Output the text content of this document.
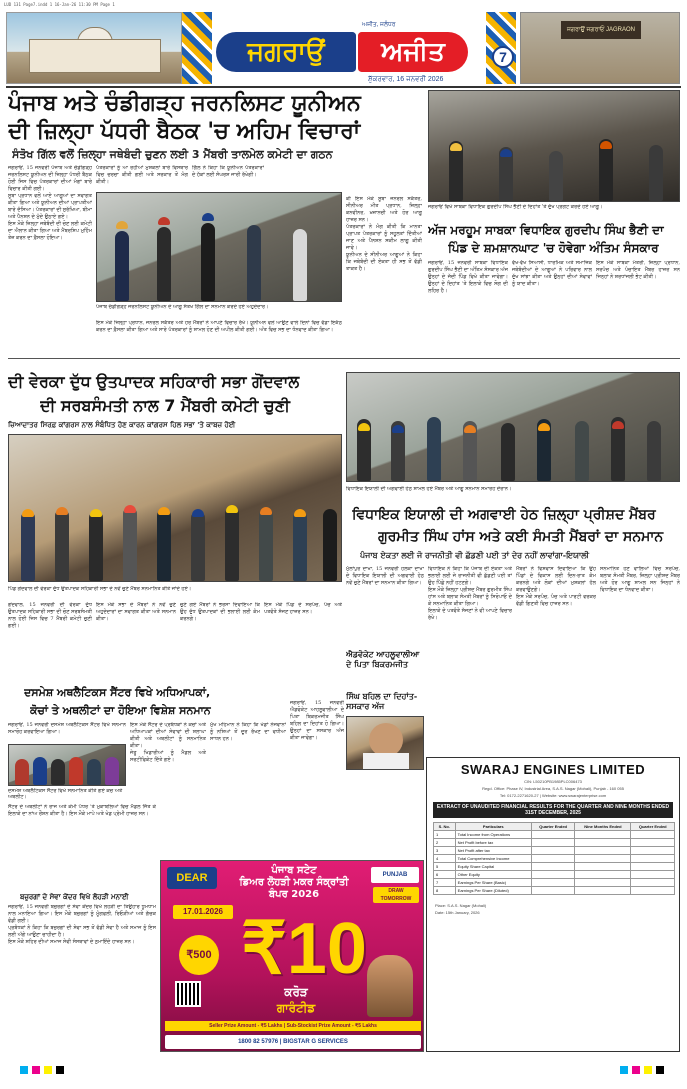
LUD 131 Page7.indd 1 16-Jan-26 11:30 PM Page 1
ਜਗਰਾਉਂ
ਅਜੀਤ, ਜਲੰਧਰ
ਅਜੀਤ
ਸ਼ੁੱਕਰਵਾਰ, 16 ਜਨਵਰੀ 2026
7
ਜਗਰਾਉਂ ਜਗਰਾਓਂ JAGRAON
ਪੰਜਾਬ ਅਤੇ ਚੰਡੀਗੜ੍ਹ ਜਰਨਲਿਸਟ ਯੂਨੀਅਨ
ਦੀ ਜ਼ਿਲ੍ਹਾ ਪੱਧਰੀ ਬੈਠਕ 'ਚ ਅਹਿਮ ਵਿਚਾਰਾਂ
ਸੰਤੋਖ ਗਿੱਲ ਵਲੋਂ ਜ਼ਿਲ੍ਹਾ ਜਥੇਬੰਦੀ ਚੁਣਨ ਲਈ 3 ਮੈਂਬਰੀ ਤਾਲਮੇਲ ਕਮੇਟੀ ਦਾ ਗਠਨ
ਜਗਰਾਓਂ, 15 ਜਨਵਰੀ ਪੰਜਾਬ ਅਤੇ ਚੰਡੀਗੜ੍ਹ ਜਰਨਲਿਸਟ ਯੂਨੀਅਨ ਦੀ ਜ਼ਿਲ੍ਹਾ ਪੱਧਰੀ ਬੈਠਕ ਹੋਈ ਜਿਸ ਵਿਚ ਪੱਤਰਕਾਰਾਂ ਦੀਆਂ ਮੰਗਾਂ ਬਾਰੇ ਵਿਚਾਰ ਕੀਤੀ ਗਈ।
ਸੂਬਾ ਪ੍ਰਧਾਨ ਵਲੋਂ ਆਏ ਆਗੂਆਂ ਦਾ ਸਵਾਗਤ ਕੀਤਾ ਗਿਆ ਅਤੇ ਯੂਨੀਅਨ ਦੀਆਂ ਪ੍ਰਾਪਤੀਆਂ ਬਾਰੇ ਦੱਸਿਆ। ਪੱਤਰਕਾਰਾਂ ਦੀ ਸੁਰੱਖਿਆ, ਬੀਮਾ ਅਤੇ ਪੈਨਸ਼ਨ ਦੇ ਮੁੱਦੇ ਉਠਾਏ ਗਏ।
ਇਸ ਮੌਕੇ ਜ਼ਿਲ੍ਹਾ ਜਥੇਬੰਦੀ ਦੀ ਚੋਣ ਲਈ ਕਮੇਟੀ ਦਾ ਐਲਾਨ ਕੀਤਾ ਗਿਆ ਅਤੇ ਮੈਂਬਰਸ਼ਿਪ ਮੁਹਿੰਮ ਤੇਜ਼ ਕਰਨ ਦਾ ਫ਼ੈਸਲਾ ਹੋਇਆ।
ਪੱਤਰਕਾਰਾਂ ਨੂੰ ਆ ਰਹੀਆਂ ਮੁਸ਼ਕਲਾਂ ਬਾਰੇ ਵਿਸਥਾਰ ਵਿਚ ਚਰਚਾ ਕੀਤੀ ਗਈ ਅਤੇ ਸਰਕਾਰ ਤੋਂ ਮੰਗ ਕੀਤੀ।
ਗਿੱਲ ਨੇ ਕਿਹਾ ਕਿ ਯੂਨੀਅਨ ਪੱਤਰਕਾਰਾਂ ਦੇ ਹੱਕਾਂ ਲਈ ਸੰਘਰਸ਼ ਜਾਰੀ ਰੱਖੇਗੀ।
ਪੰਜਾਬ ਚੰਡੀਗੜ੍ਹ ਜਰਨਲਿਸਟ ਯੂਨੀਅਨ ਦੇ ਆਗੂ ਸੰਤੋਖ ਗਿੱਲ ਦਾ ਸਨਮਾਨ ਕਰਦੇ ਹੋਏ ਅਹੁਦੇਦਾਰ।
ਇਸ ਮੌਕੇ ਜ਼ਿਲ੍ਹਾ ਪ੍ਰਧਾਨ, ਜਨਰਲ ਸਕੱਤਰ ਅਤੇ ਹੋਰ ਮੈਂਬਰਾਂ ਨੇ ਆਪਣੇ ਵਿਚਾਰ ਰੱਖੇ। ਯੂਨੀਅਨ ਵਲੋਂ ਆਉਣ ਵਾਲੇ ਦਿਨਾਂ ਵਿਚ ਵੱਡਾ ਇਕੱਠ ਕਰਨ ਦਾ ਫ਼ੈਸਲਾ ਕੀਤਾ ਗਿਆ ਅਤੇ ਸਾਰੇ ਪੱਤਰਕਾਰਾਂ ਨੂੰ ਸ਼ਾਮਲ ਹੋਣ ਦੀ ਅਪੀਲ ਕੀਤੀ ਗਈ। ਅੰਤ ਵਿਚ ਸਭ ਦਾ ਧੰਨਵਾਦ ਕੀਤਾ ਗਿਆ।
ਕੀ ਇਸ ਮੌਕੇ ਸੂਬਾ ਜਨਰਲ ਸਕੱਤਰ, ਸੀਨੀਅਰ ਮੀਤ ਪ੍ਰਧਾਨ, ਜ਼ਿਲ੍ਹਾ ਕਨਵੀਨਰ, ਖ਼ਜ਼ਾਨਚੀ ਅਤੇ ਹੋਰ ਆਗੂ ਹਾਜ਼ਰ ਸਨ।
ਪੱਤਰਕਾਰਾਂ ਨੇ ਮੰਗ ਕੀਤੀ ਕਿ ਮਾਨਤਾ ਪ੍ਰਾਪਤ ਪੱਤਰਕਾਰਾਂ ਨੂੰ ਸਹੂਲਤਾਂ ਦਿੱਤੀਆਂ ਜਾਣ ਅਤੇ ਪੈਨਸ਼ਨ ਸਕੀਮ ਲਾਗੂ ਕੀਤੀ ਜਾਵੇ।
ਯੂਨੀਅਨ ਦੇ ਸੀਨੀਅਰ ਆਗੂਆਂ ਨੇ ਕਿਹਾ ਕਿ ਜਥੇਬੰਦੀ ਦੀ ਏਕਤਾ ਹੀ ਸਭ ਤੋਂ ਵੱਡੀ ਤਾਕਤ ਹੈ।
ਜਗਰਾਓਂ ਵਿਖੇ ਸਾਬਕਾ ਵਿਧਾਇਕ ਗੁਰਦੀਪ ਸਿੰਘ ਭੈਣੀ ਦੇ ਦਿਹਾਂਤ 'ਤੇ ਦੁੱਖ ਪ੍ਰਗਟ ਕਰਦੇ ਹੋਏ ਆਗੂ।
ਅੱਜ ਮਰਹੂਮ ਸਾਬਕਾ ਵਿਧਾਇਕ ਗੁਰਦੀਪ ਸਿੰਘ ਭੈਣੀ ਦਾ
ਪਿੰਡ ਦੇ ਸ਼ਮਸ਼ਾਨਘਾਟ 'ਚ ਹੋਵੇਗਾ ਅੰਤਿਮ ਸੰਸਕਾਰ
ਜਗਰਾਓਂ, 15 ਜਨਵਰੀ ਸਾਬਕਾ ਵਿਧਾਇਕ ਗੁਰਦੀਪ ਸਿੰਘ ਭੈਣੀ ਦਾ ਅੰਤਿਮ ਸੰਸਕਾਰ ਅੱਜ ਉਨ੍ਹਾਂ ਦੇ ਜੱਦੀ ਪਿੰਡ ਵਿਖੇ ਕੀਤਾ ਜਾਵੇਗਾ। ਉਨ੍ਹਾਂ ਦੇ ਦਿਹਾਂਤ 'ਤੇ ਇਲਾਕੇ ਵਿਚ ਸੋਗ ਦੀ ਲਹਿਰ ਹੈ।
ਵੱਖ-ਵੱਖ ਸਿਆਸੀ, ਧਾਰਮਿਕ ਅਤੇ ਸਮਾਜਿਕ ਜਥੇਬੰਦੀਆਂ ਦੇ ਆਗੂਆਂ ਨੇ ਪਰਿਵਾਰ ਨਾਲ ਦੁੱਖ ਸਾਂਝਾ ਕੀਤਾ ਅਤੇ ਉਨ੍ਹਾਂ ਦੀਆਂ ਸੇਵਾਵਾਂ ਨੂੰ ਯਾਦ ਕੀਤਾ।
ਇਸ ਮੌਕੇ ਸਾਬਕਾ ਮੰਤਰੀ, ਜ਼ਿਲ੍ਹਾ ਪ੍ਰਧਾਨ, ਸਰਪੰਚ ਅਤੇ ਪੰਚਾਇਤ ਮੈਂਬਰ ਹਾਜ਼ਰ ਸਨ ਜਿਨ੍ਹਾਂ ਨੇ ਸ਼ਰਧਾਂਜਲੀ ਭੇਟ ਕੀਤੀ।
ਦੀ ਵੇਰਕਾ ਦੁੱਧ ਉਤਪਾਦਕ ਸਹਿਕਾਰੀ ਸਭਾ ਗੋਂਦਵਾਲ
ਦੀ ਸਰਬਸੰਮਤੀ ਨਾਲ 7 ਮੈਂਬਰੀ ਕਮੇਟੀ ਚੁਣੀ
ਜ਼ਿਆਦਾਤਰ ਸਿਰਫ਼ ਕਾਂਗਰਸ ਨਾਲ ਸੰਬੰਧਿਤ ਹੋਣ ਕਾਰਨ ਕਾਂਗਰਸ ਹਿਲ ਸਭਾ 'ਤੇ ਕਾਬਜ਼ ਹੋਈ
ਪਿੰਡ ਗੋਂਦਵਾਲ ਦੀ ਵੇਰਕਾ ਦੁੱਧ ਉਤਪਾਦਕ ਸਹਿਕਾਰੀ ਸਭਾ ਦੇ ਨਵੇਂ ਚੁਣੇ ਮੈਂਬਰ ਸਨਮਾਨਿਤ ਕੀਤੇ ਜਾਂਦੇ ਹੋਏ।
ਗੋਂਦਵਾਲ, 15 ਜਨਵਰੀ ਦੀ ਵੇਰਕਾ ਦੁੱਧ ਉਤਪਾਦਕ ਸਹਿਕਾਰੀ ਸਭਾ ਦੀ ਚੋਣ ਸਰਬਸੰਮਤੀ ਨਾਲ ਹੋਈ ਜਿਸ ਵਿਚ 7 ਮੈਂਬਰੀ ਕਮੇਟੀ ਚੁਣੀ ਗਈ।
ਇਸ ਮੌਕੇ ਸਭਾ ਦੇ ਮੈਂਬਰਾਂ ਨੇ ਨਵੇਂ ਚੁਣੇ ਅਹੁਦੇਦਾਰਾਂ ਦਾ ਸਵਾਗਤ ਕੀਤਾ ਅਤੇ ਸਨਮਾਨ ਕੀਤਾ।
ਚੁਣੇ ਗਏ ਮੈਂਬਰਾਂ ਨੇ ਭਰੋਸਾ ਦਿਵਾਇਆ ਕਿ ਉਹ ਦੁੱਧ ਉਤਪਾਦਕਾਂ ਦੀ ਭਲਾਈ ਲਈ ਕੰਮ ਕਰਨਗੇ।
ਇਸ ਮੌਕੇ ਪਿੰਡ ਦੇ ਸਰਪੰਚ, ਪੰਚ ਅਤੇ ਪਤਵੰਤੇ ਸੱਜਣ ਹਾਜ਼ਰ ਸਨ।
ਵਿਧਾਇਕ ਇਯਾਲੀ ਦੀ ਅਗਵਾਈ ਹੇਠ ਸ਼ਾਮਲ ਹੋਏ ਮੈਂਬਰ ਅਤੇ ਆਗੂ ਸਨਮਾਨ ਸਮਾਰੋਹ ਦੌਰਾਨ।
ਵਿਧਾਇਕ ਇਯਾਲੀ ਦੀ ਅਗਵਾਈ ਹੇਠ ਜ਼ਿਲ੍ਹਾ ਪ੍ਰੀਸ਼ਦ ਮੈਂਬਰ
ਗੁਰਮੀਤ ਸਿੰਘ ਹਾਂਸ ਅਤੇ ਕਈ ਸੰਮਤੀ ਮੈਂਬਰਾਂ ਦਾ ਸਨਮਾਨ
ਪੰਜਾਬ ਏਕਤਾ ਲਈ ਜੋ ਰਾਜਨੀਤੀ ਵੀ ਛੱਡਣੀ ਪਈ ਤਾਂ ਦੇਰ ਨਹੀਂ ਲਾਵਾਂਗਾ-ਇਯਾਲੀ
ਮੁੱਲਾਂਪੁਰ ਦਾਖਾ, 15 ਜਨਵਰੀ ਹਲਕਾ ਦਾਖਾ ਦੇ ਵਿਧਾਇਕ ਇਯਾਲੀ ਦੀ ਅਗਵਾਈ ਹੇਠ ਨਵੇਂ ਚੁਣੇ ਮੈਂਬਰਾਂ ਦਾ ਸਨਮਾਨ ਕੀਤਾ ਗਿਆ।
ਵਿਧਾਇਕ ਨੇ ਕਿਹਾ ਕਿ ਪੰਜਾਬ ਦੀ ਏਕਤਾ ਅਤੇ ਭਲਾਈ ਲਈ ਜੇ ਰਾਜਨੀਤੀ ਵੀ ਛੱਡਣੀ ਪਈ ਤਾਂ ਉਹ ਪਿੱਛੇ ਨਹੀਂ ਹਟਣਗੇ।
ਇਸ ਮੌਕੇ ਜ਼ਿਲ੍ਹਾ ਪ੍ਰੀਸ਼ਦ ਮੈਂਬਰ ਗੁਰਮੀਤ ਸਿੰਘ ਹਾਂਸ ਅਤੇ ਬਲਾਕ ਸੰਮਤੀ ਮੈਂਬਰਾਂ ਨੂੰ ਸਿਰੋਪਾਓ ਦੇ ਕੇ ਸਨਮਾਨਿਤ ਕੀਤਾ ਗਿਆ।
ਇਲਾਕੇ ਦੇ ਪਤਵੰਤੇ ਸੱਜਣਾਂ ਨੇ ਵੀ ਆਪਣੇ ਵਿਚਾਰ ਰੱਖੇ।
ਮੈਂਬਰਾਂ ਨੇ ਵਿਸ਼ਵਾਸ ਦਿਵਾਇਆ ਕਿ ਉਹ ਪਿੰਡਾਂ ਦੇ ਵਿਕਾਸ ਲਈ ਦਿਨ-ਰਾਤ ਕੰਮ ਕਰਨਗੇ ਅਤੇ ਲੋਕਾਂ ਦੀਆਂ ਮੁਸ਼ਕਲਾਂ ਹੱਲ ਕਰਵਾਉਣਗੇ।
ਇਸ ਮੌਕੇ ਸਰਪੰਚ, ਪੰਚ ਅਤੇ ਪਾਰਟੀ ਵਰਕਰ ਵੱਡੀ ਗਿਣਤੀ ਵਿਚ ਹਾਜ਼ਰ ਸਨ।
ਸਨਮਾਨਿਤ ਹੋਣ ਵਾਲਿਆਂ ਵਿਚ ਸਰਪੰਚ, ਬਲਾਕ ਸੰਮਤੀ ਮੈਂਬਰ, ਜ਼ਿਲ੍ਹਾ ਪ੍ਰੀਸ਼ਦ ਮੈਂਬਰ ਅਤੇ ਹੋਰ ਆਗੂ ਸ਼ਾਮਲ ਸਨ ਜਿਨ੍ਹਾਂ ਨੇ ਵਿਧਾਇਕ ਦਾ ਧੰਨਵਾਦ ਕੀਤਾ।
ਐਡਵੋਕੇਟ ਆਹਲੂਵਾਲੀਆ ਦੇ ਪਿਤਾ ਬਿਕਰਮਜੀਤ
ਸਿੰਘ ਬਹਿਲ ਦਾ ਦਿਹਾਂਤ-ਸਸਕਾਰ ਅੱਜ
ਜਗਰਾਓਂ, 15 ਜਨਵਰੀ ਐਡਵੋਕੇਟ ਆਹਲੂਵਾਲੀਆ ਦੇ ਪਿਤਾ ਬਿਕਰਮਜੀਤ ਸਿੰਘ ਬਹਿਲ ਦਾ ਦਿਹਾਂਤ ਹੋ ਗਿਆ। ਉਨ੍ਹਾਂ ਦਾ ਸਸਕਾਰ ਅੱਜ ਕੀਤਾ ਜਾਵੇਗਾ।
ਦਸਮੇਸ਼ ਅਥਲੈਟਿਕਸ ਸੈਂਟਰ ਵਿਖੇ ਅਧਿਆਪਕਾਂ,
ਕੋਚਾਂ ਤੇ ਅਥਲੀਟਾਂ ਦਾ ਹੋਇਆ ਵਿਸ਼ੇਸ਼ ਸਨਮਾਨ
ਜਗਰਾਓਂ, 15 ਜਨਵਰੀ ਦਸਮੇਸ਼ ਅਥਲੈਟਿਕਸ ਸੈਂਟਰ ਵਿਖੇ ਸਨਮਾਨ ਸਮਾਰੋਹ ਕਰਵਾਇਆ ਗਿਆ।
ਦਸਮੇਸ਼ ਅਥਲੈਟਿਕਸ ਸੈਂਟਰ ਵਿਖੇ ਸਨਮਾਨਿਤ ਕੀਤੇ ਗਏ ਕੋਚ ਅਤੇ ਅਥਲੀਟ।
ਇਸ ਮੌਕੇ ਸੈਂਟਰ ਦੇ ਪ੍ਰਬੰਧਕਾਂ ਨੇ ਕੋਚਾਂ ਅਤੇ ਅਧਿਆਪਕਾਂ ਦੀਆਂ ਸੇਵਾਵਾਂ ਦੀ ਸ਼ਲਾਘਾ ਕੀਤੀ ਅਤੇ ਅਥਲੀਟਾਂ ਨੂੰ ਸਨਮਾਨਿਤ ਕੀਤਾ।
ਜੇਤੂ ਖਿਡਾਰੀਆਂ ਨੂੰ ਮੈਡਲ ਅਤੇ ਸਰਟੀਫਿਕੇਟ ਦਿੱਤੇ ਗਏ।
ਮੁੱਖ ਮਹਿਮਾਨ ਨੇ ਕਿਹਾ ਕਿ ਖੇਡਾਂ ਨੌਜਵਾਨਾਂ ਨੂੰ ਨਸ਼ਿਆਂ ਤੋਂ ਦੂਰ ਰੱਖਣ ਦਾ ਵਧੀਆ ਸਾਧਨ ਹਨ।
ਸੈਂਟਰ ਦੇ ਅਥਲੀਟਾਂ ਨੇ ਰਾਜ ਅਤੇ ਕੌਮੀ ਪੱਧਰ 'ਤੇ ਮੁਕਾਬਲਿਆਂ ਵਿਚ ਮੈਡਲ ਜਿੱਤ ਕੇ ਇਲਾਕੇ ਦਾ ਨਾਂਅ ਰੌਸ਼ਨ ਕੀਤਾ ਹੈ। ਇਸ ਮੌਕੇ ਮਾਪੇ ਅਤੇ ਖੇਡ ਪ੍ਰੇਮੀ ਹਾਜ਼ਰ ਸਨ।
ਬਜ਼ੁਰਗਾਂ ਦੇ ਸੇਵਾ ਕੇਂਦਰ ਵਿਖੇ ਲੋਹੜੀ ਮਨਾਈ
ਜਗਰਾਓਂ, 15 ਜਨਵਰੀ ਬਜ਼ੁਰਗਾਂ ਦੇ ਸੇਵਾ ਕੇਂਦਰ ਵਿਖੇ ਲੋਹੜੀ ਦਾ ਤਿਉਹਾਰ ਧੂਮਧਾਮ ਨਾਲ ਮਨਾਇਆ ਗਿਆ। ਇਸ ਮੌਕੇ ਬਜ਼ੁਰਗਾਂ ਨੂੰ ਮੂੰਗਫਲੀ, ਰਿਓੜੀਆਂ ਅਤੇ ਗੱਚਕ ਵੰਡੀ ਗਈ।
ਪ੍ਰਬੰਧਕਾਂ ਨੇ ਕਿਹਾ ਕਿ ਬਜ਼ੁਰਗਾਂ ਦੀ ਸੇਵਾ ਸਭ ਤੋਂ ਵੱਡੀ ਸੇਵਾ ਹੈ ਅਤੇ ਸਮਾਜ ਨੂੰ ਇਸ ਲਈ ਅੱਗੇ ਆਉਣਾ ਚਾਹੀਦਾ ਹੈ।
ਇਸ ਮੌਕੇ ਸ਼ਹਿਰ ਦੀਆਂ ਸਮਾਜ ਸੇਵੀ ਸੰਸਥਾਵਾਂ ਦੇ ਨੁਮਾਇੰਦੇ ਹਾਜ਼ਰ ਸਨ।
DEAR
ਪੰਜਾਬ ਸਟੇਟ
ਡਿਅਰ ਲੋਹੜੀ ਮਕਰ ਸੰਕ੍ਰਾਂਤੀ
ਬੰਪਰ 2026
PUNJAB
DRAW TOMORROW
17.01.2026
₹500 ₹10
ਕਰੋੜ
ਗਾਰੰਟੀਡ
Seller Prize Amount - ₹5 Lakhs | Sub-Stockist Prize Amount - ₹5 Lakhs
1800 82 57976 | BIGSTAR G SERVICES
SWARAJ ENGINES LIMITED
CIN: L50210PB1985PLC006473
Regd. Office: Phase IV, Industrial Area, S.A.S. Nagar (Mohali), Punjab - 160 055
Tel: 0172-2271620-27 | Website: www.swarajenterprise.com
EXTRACT OF UNAUDITED FINANCIAL RESULTS FOR THE QUARTER AND NINE MONTHS ENDED 31ST DECEMBER, 2025
S. No.	Particulars	Quarter Ended	Nine Months Ended	Quarter Ended
1	Total Income from Operations			
2	Net Profit before tax			
3	Net Profit after tax			
4	Total Comprehensive Income			
5	Equity Share Capital			
6	Other Equity			
7	Earnings Per Share (Basic)			
8	Earnings Per Share (Diluted)			
Place: S.A.S. Nagar (Mohali)
Date: 15th January, 2026
